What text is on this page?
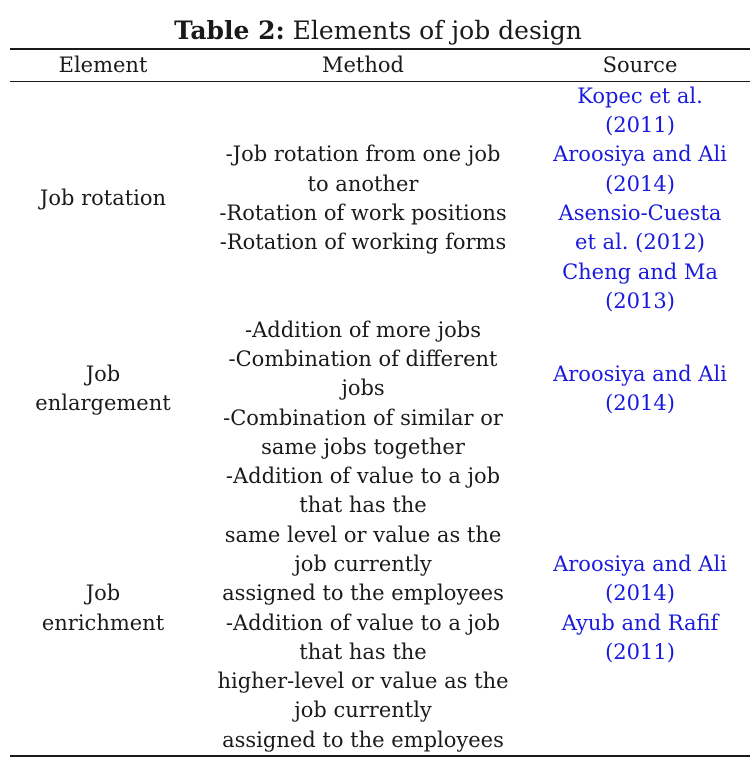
Table 2: Elements of job design
Element	Method	Source
Job rotation
-Job rotation from one job
to another
-Rotation of work positions
-Rotation of working forms
Kopec et al.
(2011)
Aroosiya and Ali
(2014)
Asensio-Cuesta
et al. (2012)
Cheng and Ma
(2013)
Job
enlargement
-Addition of more jobs
-Combination of different
jobs
-Combination of similar or
same jobs together
Aroosiya and Ali
(2014)
Job
enrichment
-Addition of value to a job
that has the
same level or value as the
job currently
assigned to the employees
-Addition of value to a job
that has the
higher-level or value as the
job currently
assigned to the employees
Aroosiya and Ali
(2014)
Ayub and Rafif
(2011)
